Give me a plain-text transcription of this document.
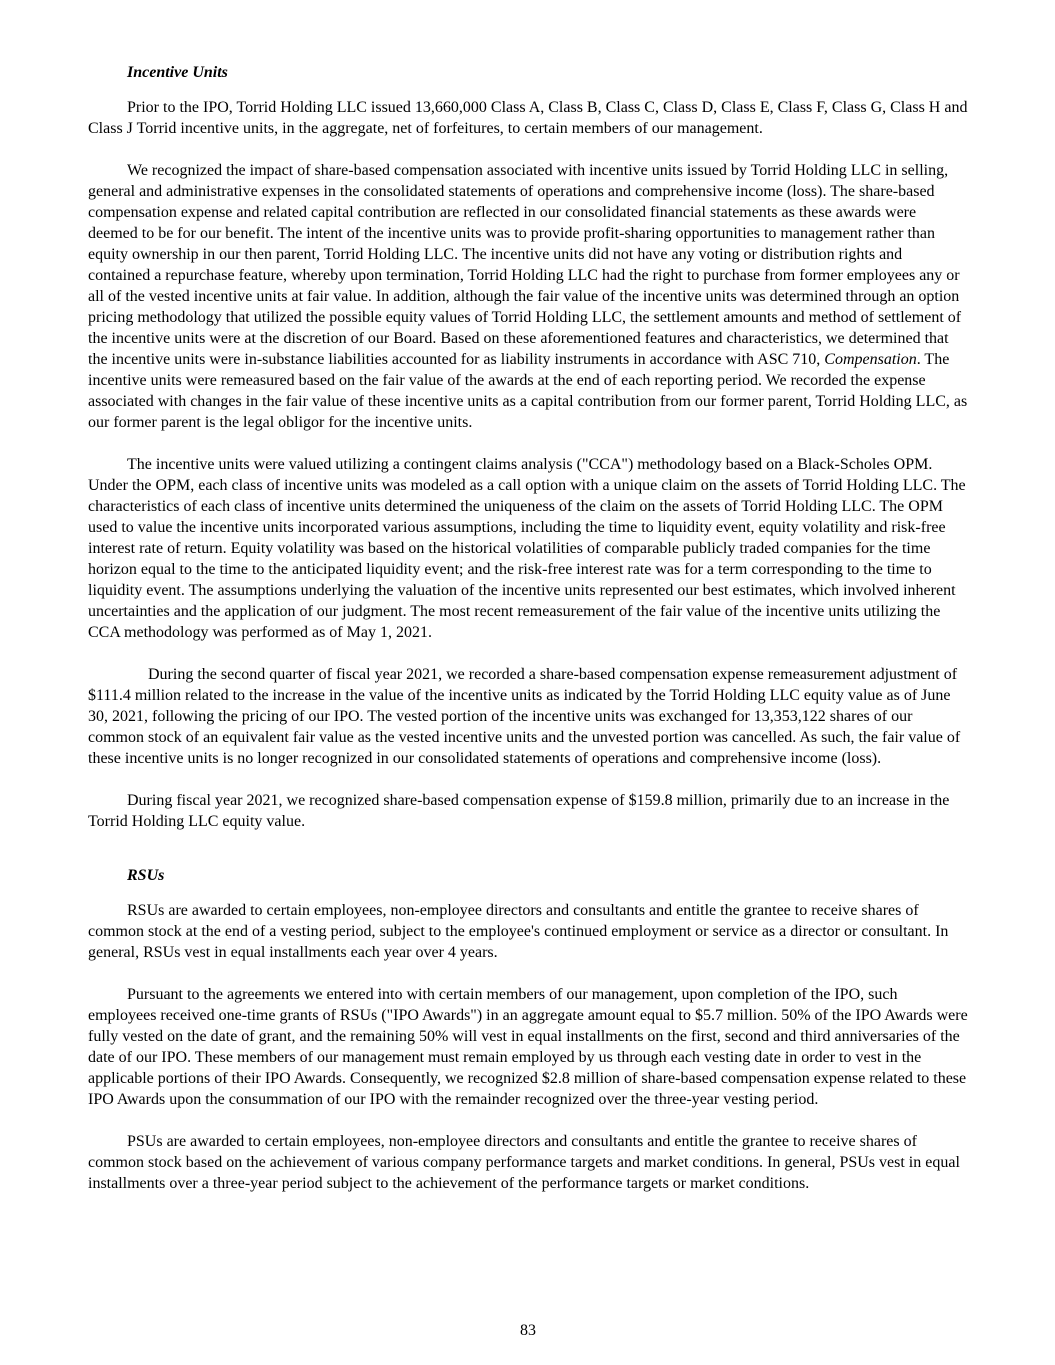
Incentive Units

Prior to the IPO, Torrid Holding LLC issued 13,660,000 Class A, Class B, Class C, Class D, Class E, Class F, Class G, Class H and Class J Torrid incentive units, in the aggregate, net of forfeitures, to certain members of our management.

We recognized the impact of share-based compensation associated with incentive units issued by Torrid Holding LLC in selling, general and administrative expenses in the consolidated statements of operations and comprehensive income (loss). The share-based compensation expense and related capital contribution are reflected in our consolidated financial statements as these awards were deemed to be for our benefit. The intent of the incentive units was to provide profit-sharing opportunities to management rather than equity ownership in our then parent, Torrid Holding LLC. The incentive units did not have any voting or distribution rights and contained a repurchase feature, whereby upon termination, Torrid Holding LLC had the right to purchase from former employees any or all of the vested incentive units at fair value. In addition, although the fair value of the incentive units was determined through an option pricing methodology that utilized the possible equity values of Torrid Holding LLC, the settlement amounts and method of settlement of the incentive units were at the discretion of our Board. Based on these aforementioned features and characteristics, we determined that the incentive units were in-substance liabilities accounted for as liability instruments in accordance with ASC 710, Compensation. The incentive units were remeasured based on the fair value of the awards at the end of each reporting period. We recorded the expense associated with changes in the fair value of these incentive units as a capital contribution from our former parent, Torrid Holding LLC, as our former parent is the legal obligor for the incentive units.

The incentive units were valued utilizing a contingent claims analysis ("CCA") methodology based on a Black-Scholes OPM. Under the OPM, each class of incentive units was modeled as a call option with a unique claim on the assets of Torrid Holding LLC. The characteristics of each class of incentive units determined the uniqueness of the claim on the assets of Torrid Holding LLC. The OPM used to value the incentive units incorporated various assumptions, including the time to liquidity event, equity volatility and risk-free interest rate of return. Equity volatility was based on the historical volatilities of comparable publicly traded companies for the time horizon equal to the time to the anticipated liquidity event; and the risk-free interest rate was for a term corresponding to the time to liquidity event. The assumptions underlying the valuation of the incentive units represented our best estimates, which involved inherent uncertainties and the application of our judgment. The most recent remeasurement of the fair value of the incentive units utilizing the CCA methodology was performed as of May 1, 2021.

During the second quarter of fiscal year 2021, we recorded a share-based compensation expense remeasurement adjustment of $111.4 million related to the increase in the value of the incentive units as indicated by the Torrid Holding LLC equity value as of June 30, 2021, following the pricing of our IPO. The vested portion of the incentive units was exchanged for 13,353,122 shares of our common stock of an equivalent fair value as the vested incentive units and the unvested portion was cancelled. As such, the fair value of these incentive units is no longer recognized in our consolidated statements of operations and comprehensive income (loss).

During fiscal year 2021, we recognized share-based compensation expense of $159.8 million, primarily due to an increase in the Torrid Holding LLC equity value.

RSUs

RSUs are awarded to certain employees, non-employee directors and consultants and entitle the grantee to receive shares of common stock at the end of a vesting period, subject to the employee's continued employment or service as a director or consultant. In general, RSUs vest in equal installments each year over 4 years.

Pursuant to the agreements we entered into with certain members of our management, upon completion of the IPO, such employees received one-time grants of RSUs ("IPO Awards") in an aggregate amount equal to $5.7 million. 50% of the IPO Awards were fully vested on the date of grant, and the remaining 50% will vest in equal installments on the first, second and third anniversaries of the date of our IPO. These members of our management must remain employed by us through each vesting date in order to vest in the applicable portions of their IPO Awards. Consequently, we recognized $2.8 million of share-based compensation expense related to these IPO Awards upon the consummation of our IPO with the remainder recognized over the three-year vesting period.

PSUs are awarded to certain employees, non-employee directors and consultants and entitle the grantee to receive shares of common stock based on the achievement of various company performance targets and market conditions. In general, PSUs vest in equal installments over a three-year period subject to the achievement of the performance targets or market conditions.

83
